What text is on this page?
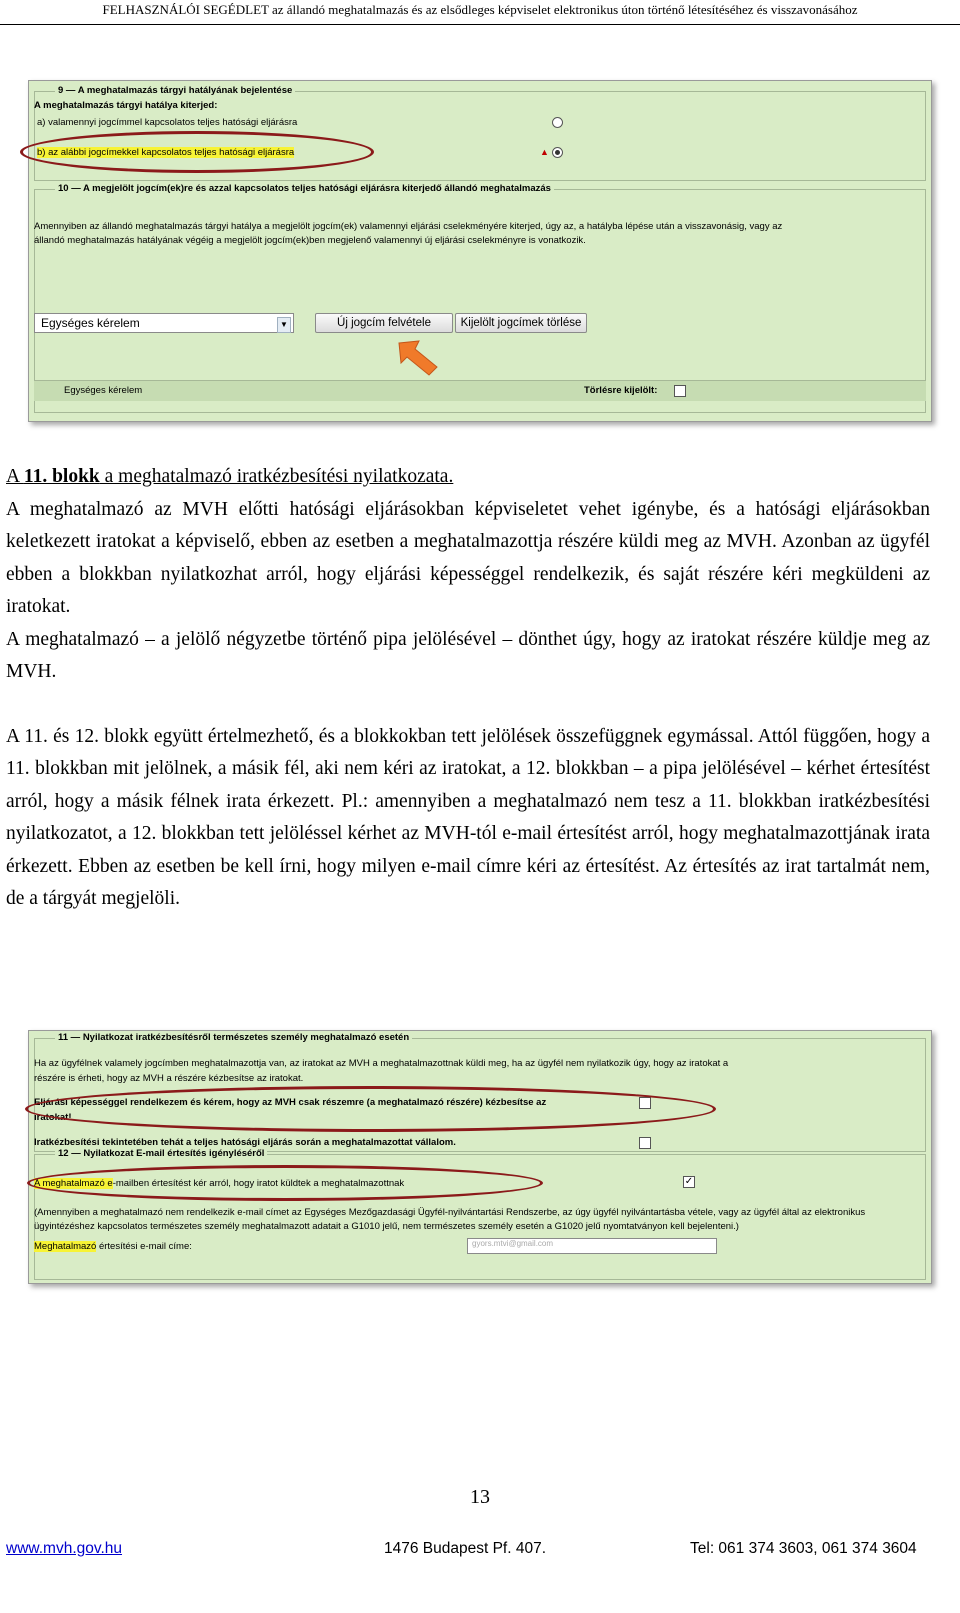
FELHASZNÁLÓI SEGÉDLET az állandó meghatalmazás és az elsődleges képviselet elektronikus úton történő létesítéséhez és visszavonásához
9 — A meghatalmazás tárgyi hatályának bejelentése
A meghatalmazás tárgyi hatálya kiterjed:
a) valamennyi jogcímmel kapcsolatos teljes hatósági eljárásra
b) az alábbi jogcímekkel kapcsolatos teljes hatósági eljárásra	▲
10 — A megjelölt jogcím(ek)re és azzal kapcsolatos teljes hatósági eljárásra kiterjedő állandó meghatalmazás
Amennyiben az állandó meghatalmazás tárgyi hatálya a megjelölt jogcím(ek) valamennyi eljárási cselekményére kiterjed, úgy az, a hatályba lépése után a visszavonásig, vagy az
állandó meghatalmazás hatályának végéig a megjelölt jogcím(ek)ben megjelenő valamennyi új eljárási cselekményre is vonatkozik.
Egységes kérelem	▼	Új jogcím felvétele	Kijelölt jogcímek törlése
Egységes kérelem	Törlésre kijelölt:

A 11. blokk a meghatalmazó iratkézbesítési nyilatkozata.

A meghatalmazó az MVH előtti hatósági eljárásokban képviseletet vehet igénybe, és a hatósági eljárásokban keletkezett iratokat a képviselő, ebben az esetben a meghatalmazottja részére küldi meg az MVH. Azonban az ügyfél ebben a blokkban nyilatkozhat arról, hogy eljárási képességgel rendelkezik, és saját részére kéri megküldeni az iratokat.

A meghatalmazó – a jelölő négyzetbe történő pipa jelölésével – dönthet úgy, hogy az iratokat részére küldje meg az MVH.

A 11. és 12. blokk együtt értelmezhető, és a blokkokban tett jelölések összefüggnek egymással. Attól függően, hogy a 11. blokkban mit jelölnek, a másik fél, aki nem kéri az iratokat, a 12. blokkban – a pipa jelölésével – kérhet értesítést arról, hogy a másik félnek irata érkezett. Pl.: amennyiben a meghatalmazó nem tesz a 11. blokkban iratkézbesítési nyilatkozatot, a 12. blokkban tett jelöléssel kérhet az MVH-tól e-mail értesítést arról, hogy meghatalmazottjának irata érkezett. Ebben az esetben be kell írni, hogy milyen e-mail címre kéri az értesítést. Az értesítés az irat tartalmát nem, de a tárgyát megjelöli.

11 — Nyilatkozat iratkézbesítésről természetes személy meghatalmazó esetén
Ha az ügyfélnek valamely jogcímben meghatalmazottja van, az iratokat az MVH a meghatalmazottnak küldi meg, ha az ügyfél nem nyilatkozik úgy, hogy az iratokat a
részére is érheti, hogy az MVH a részére kézbesítse az iratokat.
Eljárási képességgel rendelkezem és kérem, hogy az MVH csak részemre (a meghatalmazó részére) kézbesítse az
iratokat!
Iratkézbesítési tekintetében tehát a teljes hatósági eljárás során a meghatalmazottat vállalom.
12 — Nyilatkozat E-mail értesítés igényléséről
A meghatalmazó e-mailben értesítést kér arról, hogy iratot küldtek a meghatalmazottnak	✓
(Amennyiben a meghatalmazó nem rendelkezik e-mail címet az Egységes Mezőgazdasági Ügyfél-nyilvántartási Rendszerbe, az úgy ügyfél nyilvántartásba vétele, vagy az ügyfél által az elektronikus
ügyintézéshez kapcsolatos természetes személy meghatalmazott adatait a G1010 jelű, nem természetes személy esetén a G1020 jelű nyomtatványon kell bejelenteni.)
Meghatalmazó értesítési e-mail címe:	gyors.mtvi@gmail.com
13
www.mvh.gov.hu	1476 Budapest Pf. 407.	Tel: 061 374 3603, 061 374 3604
